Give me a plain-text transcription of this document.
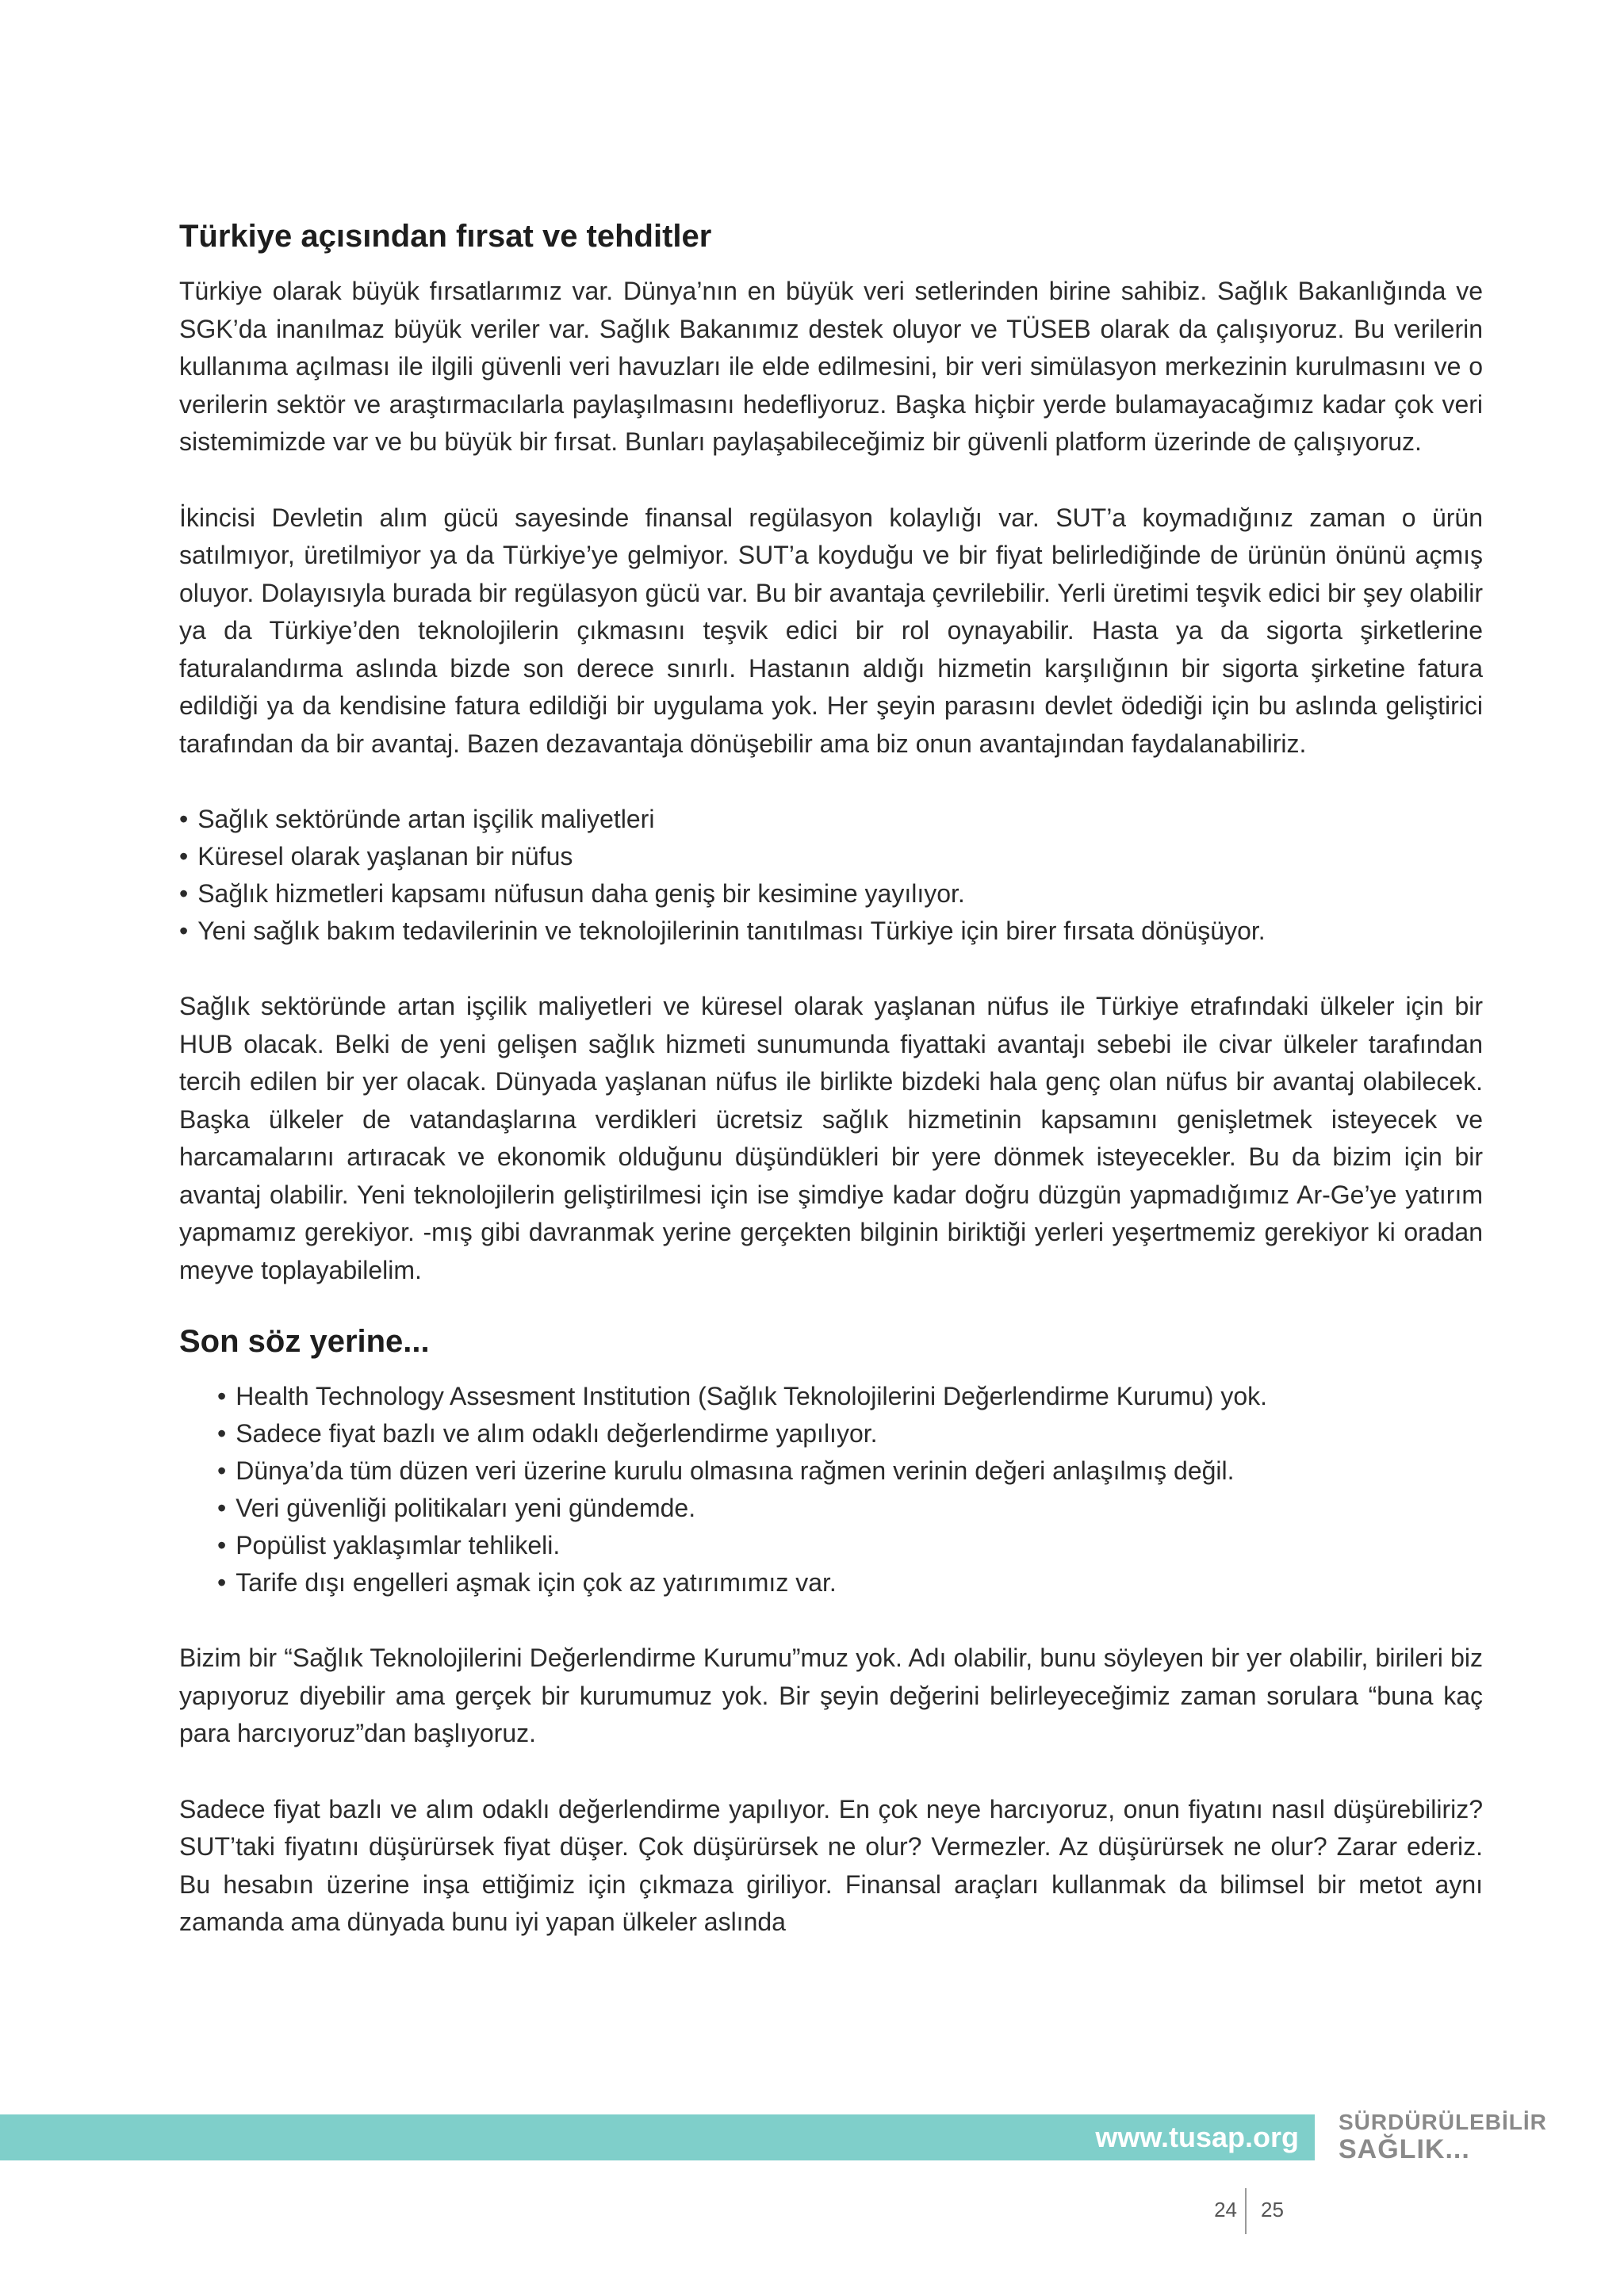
Türkiye açısından fırsat ve tehditler

Türkiye olarak büyük fırsatlarımız var. Dünya’nın en büyük veri setlerinden birine sahibiz. Sağlık Bakanlığında ve SGK’da inanılmaz büyük veriler var. Sağlık Bakanımız destek oluyor ve TÜSEB olarak da çalışıyoruz. Bu verilerin kullanıma açılması ile ilgili güvenli veri havuzları ile elde edilmesini, bir veri simülasyon merkezinin kurulmasını ve o verilerin sektör ve araştırmacılarla paylaşılmasını hedefliyoruz. Başka hiçbir yerde bulamayacağımız kadar çok veri sistemimizde var ve bu büyük bir fırsat. Bunları paylaşabileceğimiz bir güvenli platform üzerinde de çalışıyoruz.

İkincisi Devletin alım gücü sayesinde finansal regülasyon kolaylığı var. SUT’a koymadığınız zaman o ürün satılmıyor, üretilmiyor ya da Türkiye’ye gelmiyor. SUT’a koyduğu ve bir fiyat belirlediğinde de ürünün önünü açmış oluyor. Dolayısıyla burada bir regülasyon gücü var. Bu bir avantaja çevrilebilir. Yerli üretimi teşvik edici bir şey olabilir ya da Türkiye’den teknolojilerin çıkmasını teşvik edici bir rol oynayabilir. Hasta ya da sigorta şirketlerine faturalandırma aslında bizde son derece sınırlı. Hastanın aldığı hizmetin karşılığının bir sigorta şirketine fatura edildiği ya da kendisine fatura edildiği bir uygulama yok. Her şeyin parasını devlet ödediği için bu aslında geliştirici tarafından da bir avantaj. Bazen dezavantaja dönüşebilir ama biz onun avantajından faydalanabiliriz.

• Sağlık sektöründe artan işçilik maliyetleri
• Küresel olarak yaşlanan bir nüfus
• Sağlık hizmetleri kapsamı nüfusun daha geniş bir kesimine yayılıyor.
• Yeni sağlık bakım tedavilerinin ve teknolojilerinin tanıtılması Türkiye için birer fırsata dönüşüyor.

Sağlık sektöründe artan işçilik maliyetleri ve küresel olarak yaşlanan nüfus ile Türkiye etrafındaki ülkeler için bir HUB olacak. Belki de yeni gelişen sağlık hizmeti sunumunda fiyattaki avantajı sebebi ile civar ülkeler tarafından tercih edilen bir yer olacak. Dünyada yaşlanan nüfus ile birlikte bizdeki hala genç olan nüfus bir avantaj olabilecek. Başka ülkeler de vatandaşlarına verdikleri ücretsiz sağlık hizmetinin kapsamını genişletmek isteyecek ve harcamalarını artıracak ve ekonomik olduğunu düşündükleri bir yere dönmek isteyecekler. Bu da bizim için bir avantaj olabilir. Yeni teknolojilerin geliştirilmesi için ise şimdiye kadar doğru düzgün yapmadığımız Ar-Ge’ye yatırım yapmamız gerekiyor. -mış gibi davranmak yerine gerçekten bilginin biriktiği yerleri yeşertmemiz gerekiyor ki oradan meyve toplayabilelim.

Son söz yerine...
• Health Technology Assesment Institution (Sağlık Teknolojilerini Değerlendirme Kurumu) yok.
• Sadece fiyat bazlı ve alım odaklı değerlendirme yapılıyor.
• Dünya’da tüm düzen veri üzerine kurulu olmasına rağmen verinin değeri anlaşılmış değil.
• Veri güvenliği politikaları yeni gündemde.
• Popülist yaklaşımlar tehlikeli.
• Tarife dışı engelleri aşmak için çok az yatırımımız var.

Bizim bir “Sağlık Teknolojilerini Değerlendirme Kurumu”muz yok. Adı olabilir, bunu söyleyen bir yer olabilir, birileri biz yapıyoruz diyebilir ama gerçek bir kurumumuz yok. Bir şeyin değerini belirleyeceğimiz zaman sorulara “buna kaç para harcıyoruz”dan başlıyoruz.

Sadece fiyat bazlı ve alım odaklı değerlendirme yapılıyor. En çok neye harcıyoruz, onun fiyatını nasıl düşürebiliriz? SUT’taki fiyatını düşürürsek fiyat düşer. Çok düşürürsek ne olur? Vermezler. Az düşürürsek ne olur? Zarar ederiz. Bu hesabın üzerine inşa ettiğimiz için çıkmaza giriliyor. Finansal araçları kullanmak da bilimsel bir metot aynı zamanda ama dünyada bunu iyi yapan ülkeler aslında

www.tusap.org SÜRDÜRÜLEBİLİR
SAĞLIK...
24 25
